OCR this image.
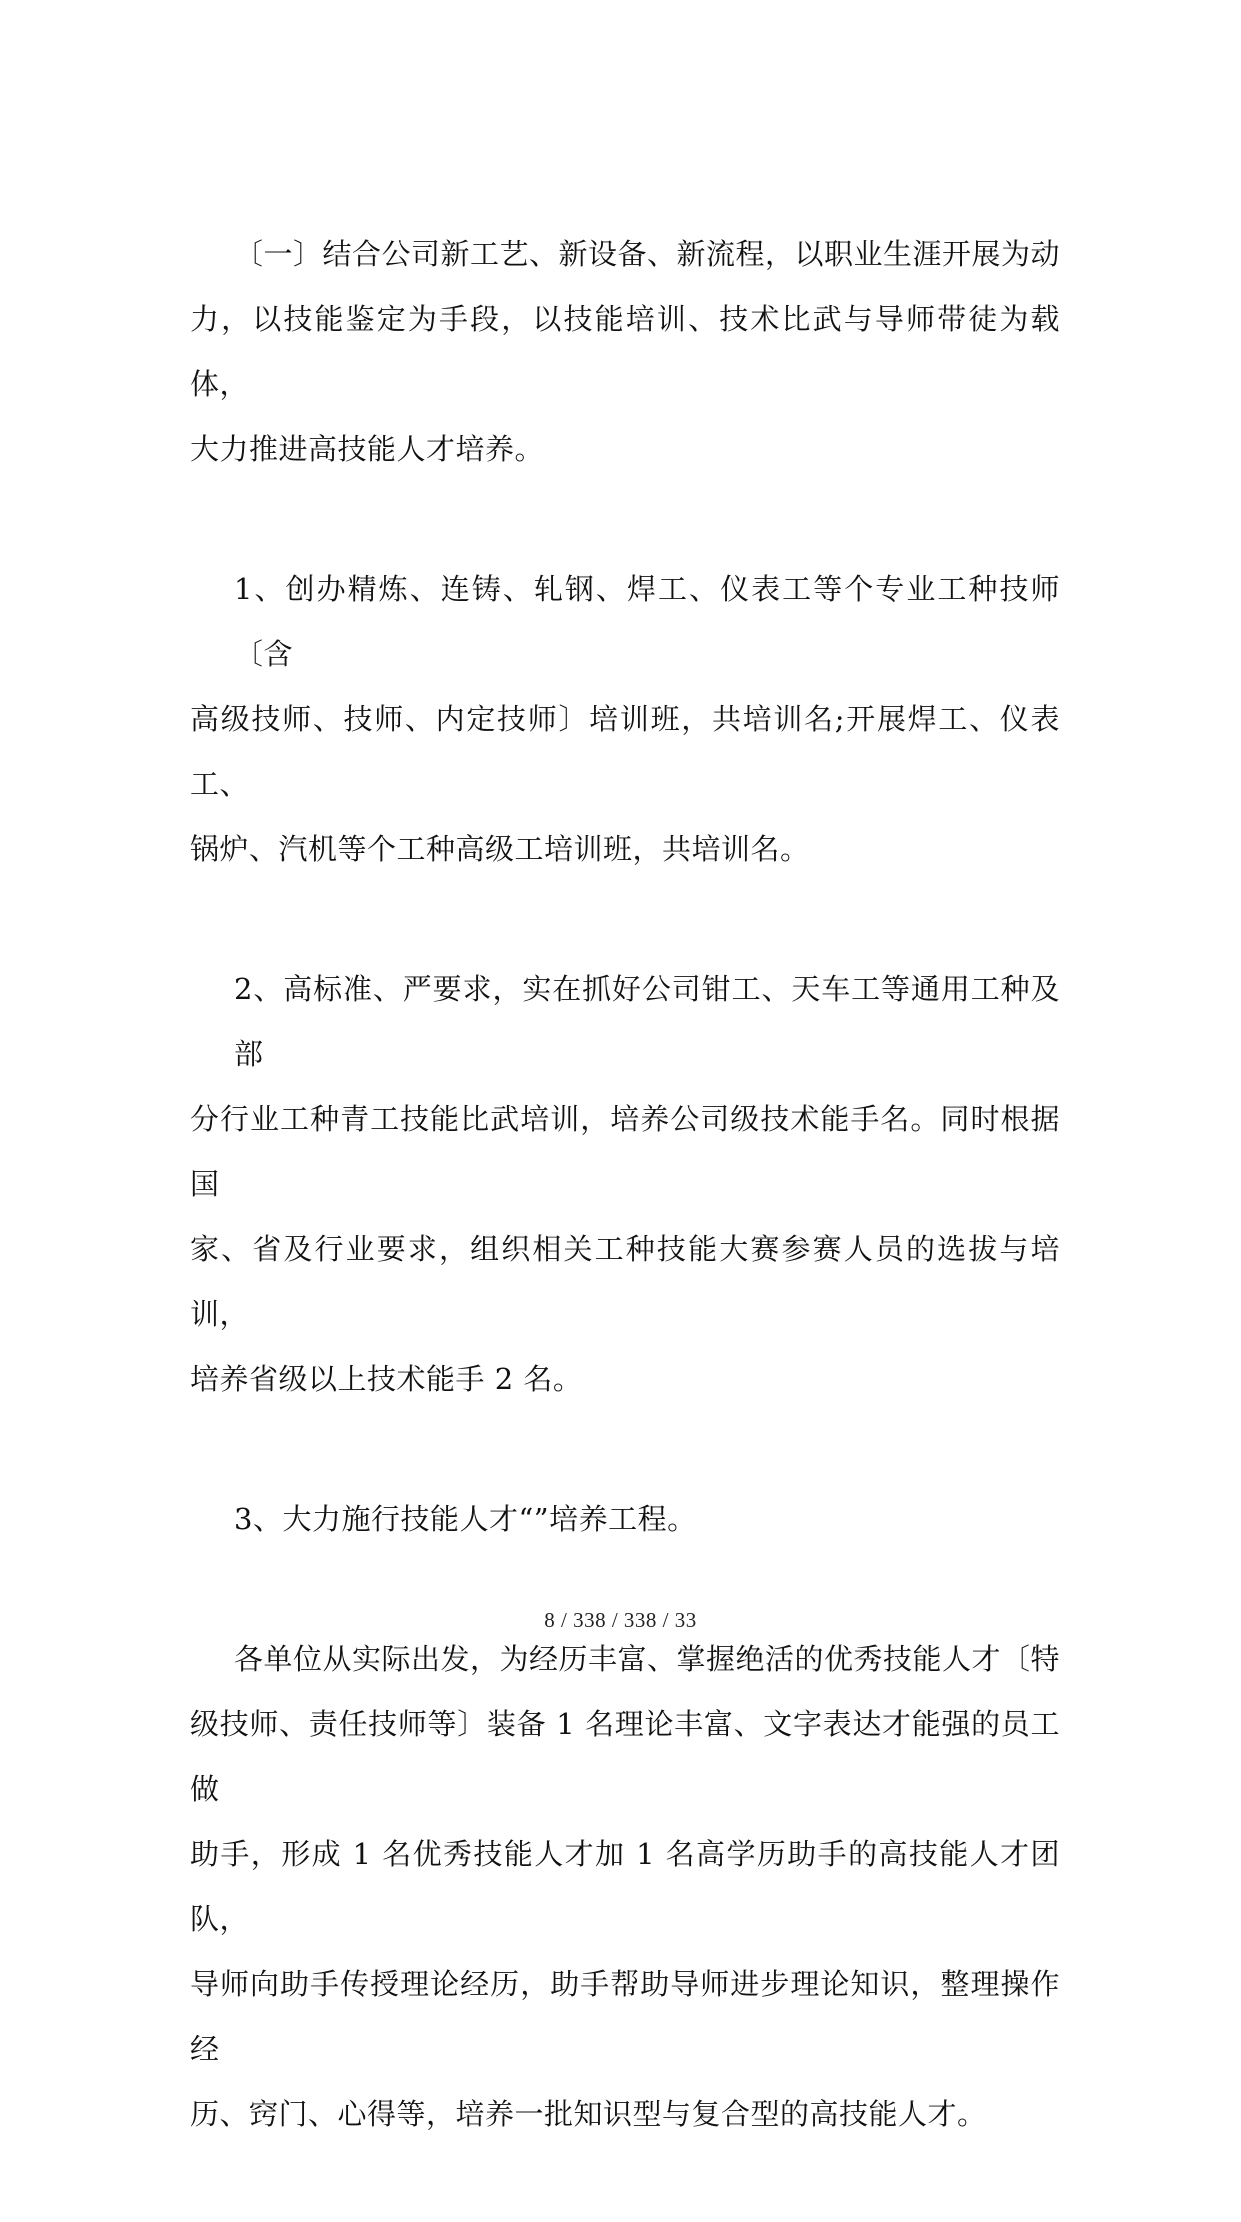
〔一〕结合公司新工艺、新设备、新流程，以职业生涯开展为动
力，以技能鉴定为手段，以技能培训、技术比武与导师带徒为载体，
大力推进高技能人才培养。

1、创办精炼、连铸、轧钢、焊工、仪表工等个专业工种技师〔含
高级技师、技师、内定技师〕培训班，共培训名;开展焊工、仪表工、
锅炉、汽机等个工种高级工培训班，共培训名。

2、高标准、严要求，实在抓好公司钳工、天车工等通用工种及部
分行业工种青工技能比武培训，培养公司级技术能手名。同时根据国
家、省及行业要求，组织相关工种技能大赛参赛人员的选拔与培训，
培养省级以上技术能手 2 名。

3、大力施行技能人才“”培养工程。

各单位从实际出发，为经历丰富、掌握绝活的优秀技能人才〔特
级技师、责任技师等〕装备 1 名理论丰富、文字表达才能强的员工做
助手，形成 1 名优秀技能人才加 1 名高学历助手的高技能人才团队，
导师向助手传授理论经历，助手帮助导师进步理论知识，整理操作经
历、窍门、心得等，培养一批知识型与复合型的高技能人才。

8 / 338 / 338 / 33
